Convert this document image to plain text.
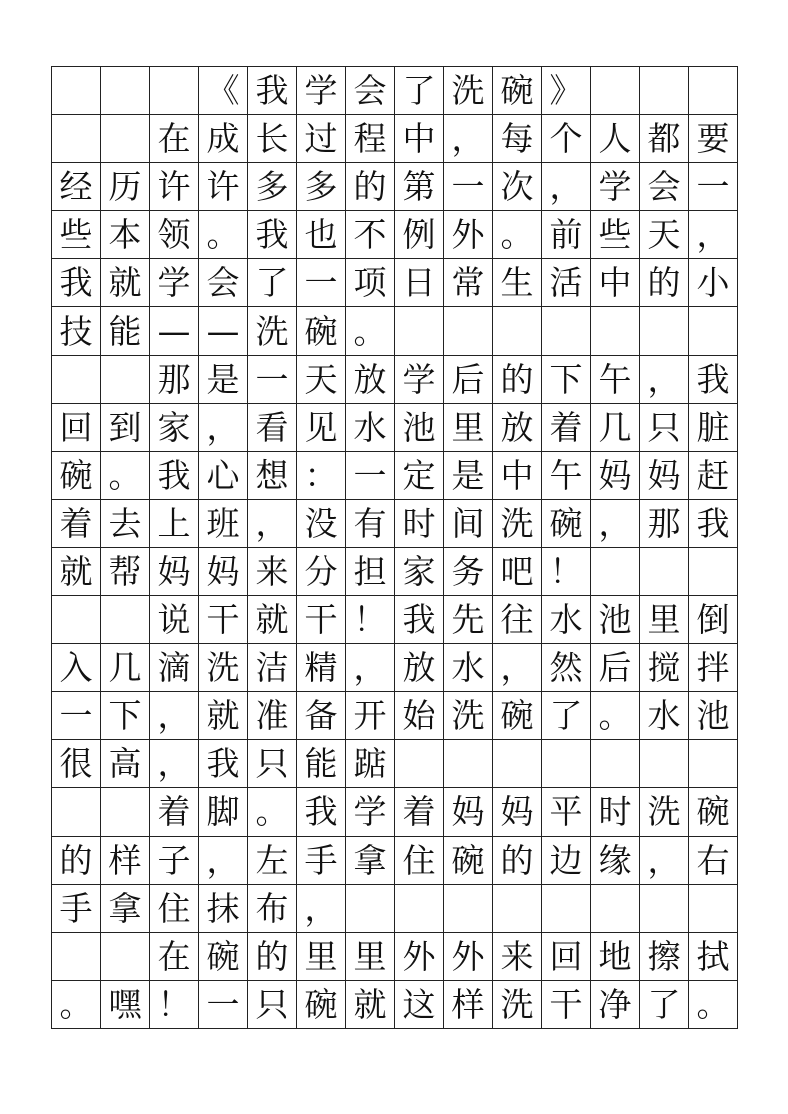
			《	我	学	会	了	洗	碗	》			
		在	成	长	过	程	中	，	每	个	人	都	要
经	历	许	许	多	多	的	第	一	次	，	学	会	一
些	本	领	。	我	也	不	例	外	。	前	些	天	，
我	就	学	会	了	一	项	日	常	生	活	中	的	小
技	能	—	—	洗	碗	。							
		那	是	一	天	放	学	后	的	下	午	，	我
回	到	家	，	看	见	水	池	里	放	着	几	只	脏
碗	。	我	心	想	：	一	定	是	中	午	妈	妈	赶
着	去	上	班	，	没	有	时	间	洗	碗	，	那	我
就	帮	妈	妈	来	分	担	家	务	吧	！			
		说	干	就	干	！	我	先	往	水	池	里	倒
入	几	滴	洗	洁	精	，	放	水	，	然	后	搅	拌
一	下	，	就	准	备	开	始	洗	碗	了	。	水	池
很	高	，	我	只	能	踮							
		着	脚	。	我	学	着	妈	妈	平	时	洗	碗
的	样	子	，	左	手	拿	住	碗	的	边	缘	，	右
手	拿	住	抹	布	，								
		在	碗	的	里	里	外	外	来	回	地	擦	拭
。	嘿	！	一	只	碗	就	这	样	洗	干	净	了	。
